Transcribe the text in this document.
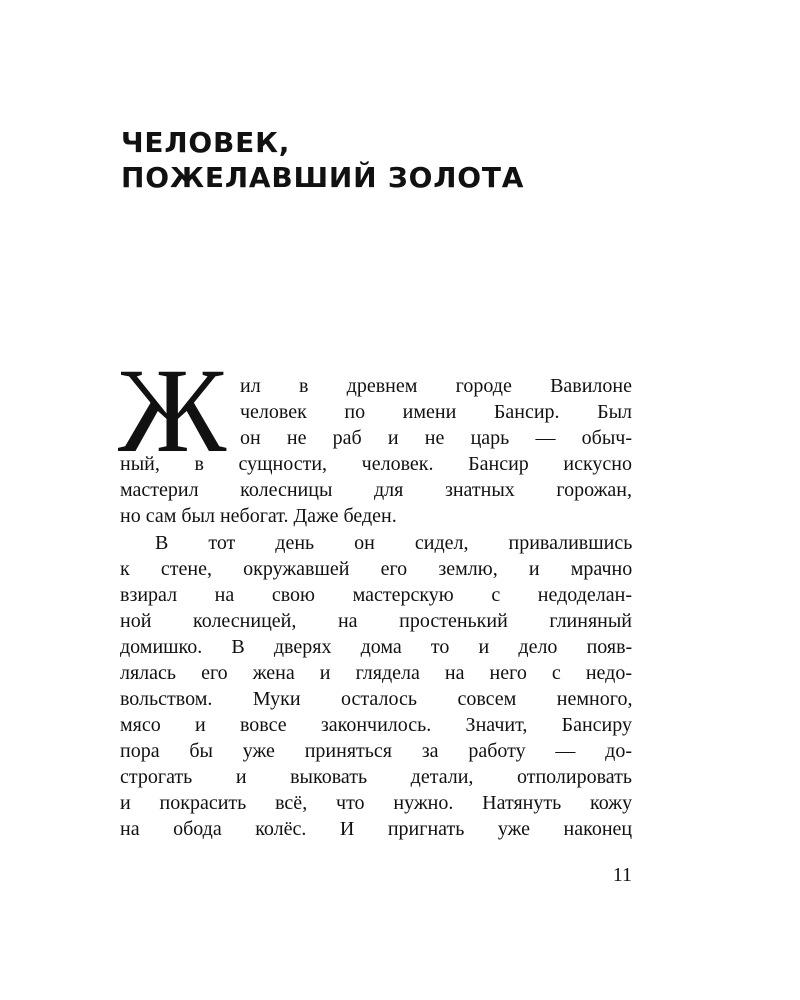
ЧЕЛОВЕК,
ПОЖЕЛАВШИЙ ЗОЛОТА
Ж ил в древнем городе Вавилоне
человек по имени Бансир. Был
он не раб и не царь — обыч-
ный, в сущности, человек. Бансир искусно
мастерил колесницы для знатных горожан,
но сам был небогат. Даже беден.
В тот день он сидел, привалившись
к стене, окружавшей его землю, и мрачно
взирал на свою мастерскую с недоделан-
ной колесницей, на простенький глиняный
домишко. В дверях дома то и дело появ-
лялась его жена и глядела на него с недо-
вольством. Муки осталось совсем немного,
мясо и вовсе закончилось. Значит, Бансиру
пора бы уже приняться за работу — до-
строгать и выковать детали, отполировать
и покрасить всё, что нужно. Натянуть кожу
на обода колёс. И пригнать уже наконец
11
